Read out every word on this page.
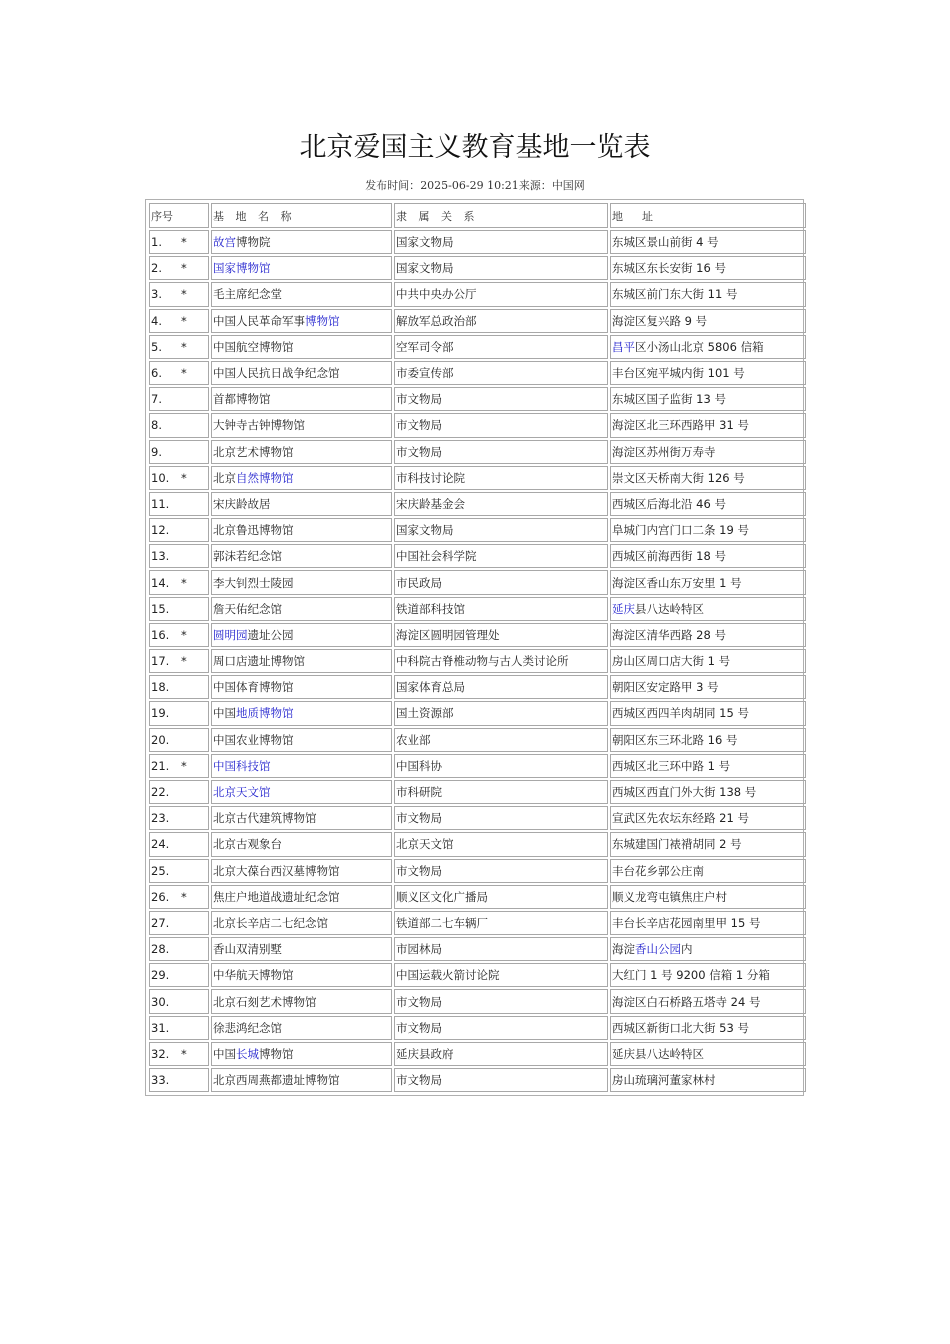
北京爱国主义教育基地一览表
发布时间：2025-06-29 10:21来源：中国网
序号	基 地 名 称	隶 属 关 系	地　址
1. *	故宫博物院	国家文物局	东城区景山前街 4 号
2. *	国家博物馆	国家文物局	东城区东长安街 16 号
3. *	毛主席纪念堂	中共中央办公厅	东城区前门东大街 11 号
4. *	中国人民革命军事博物馆	解放军总政治部	海淀区复兴路 9 号
5. *	中国航空博物馆	空军司令部	昌平区小汤山北京 5806 信箱
6. *	中国人民抗日战争纪念馆	市委宣传部	丰台区宛平城内街 101 号
7.	首都博物馆	市文物局	东城区国子监街 13 号
8.	大钟寺古钟博物馆	市文物局	海淀区北三环西路甲 31 号
9.	北京艺术博物馆	市文物局	海淀区苏州街万寿寺
10. *	北京自然博物馆	市科技讨论院	崇文区天桥南大街 126 号
11.	宋庆龄故居	宋庆龄基金会	西城区后海北沿 46 号
12.	北京鲁迅博物馆	国家文物局	阜城门内宫门口二条 19 号
13.	郭沫若纪念馆	中国社会科学院	西城区前海西街 18 号
14. *	李大钊烈士陵园	市民政局	海淀区香山东万安里 1 号
15.	詹天佑纪念馆	铁道部科技馆	延庆县八达岭特区
16. *	圆明园遗址公园	海淀区圆明园管理处	海淀区清华西路 28 号
17. *	周口店遗址博物馆	中科院古脊椎动物与古人类讨论所	房山区周口店大街 1 号
18.	中国体育博物馆	国家体育总局	朝阳区安定路甲 3 号
19.	中国地质博物馆	国土资源部	西城区西四羊肉胡同 15 号
20.	中国农业博物馆	农业部	朝阳区东三环北路 16 号
21. *	中国科技馆	中国科协	西城区北三环中路 1 号
22.	北京天文馆	市科研院	西城区西直门外大街 138 号
23.	北京古代建筑博物馆	市文物局	宣武区先农坛东经路 21 号
24.	北京古观象台	北京天文馆	东城建国门裱褙胡同 2 号
25.	北京大葆台西汉墓博物馆	市文物局	丰台花乡郭公庄南
26. *	焦庄户地道战遗址纪念馆	顺义区文化广播局	顺义龙弯屯镇焦庄户村
27.	北京长辛店二七纪念馆	铁道部二七车辆厂	丰台长辛店花园南里甲 15 号
28.	香山双清别墅	市园林局	海淀香山公园内
29.	中华航天博物馆	中国运载火箭讨论院	大红门 1 号 9200 信箱 1 分箱
30.	北京石刻艺术博物馆	市文物局	海淀区白石桥路五塔寺 24 号
31.	徐悲鸿纪念馆	市文物局	西城区新街口北大街 53 号
32. *	中国长城博物馆	延庆县政府	延庆县八达岭特区
33.	北京西周燕都遗址博物馆	市文物局	房山琉璃河董家林村
